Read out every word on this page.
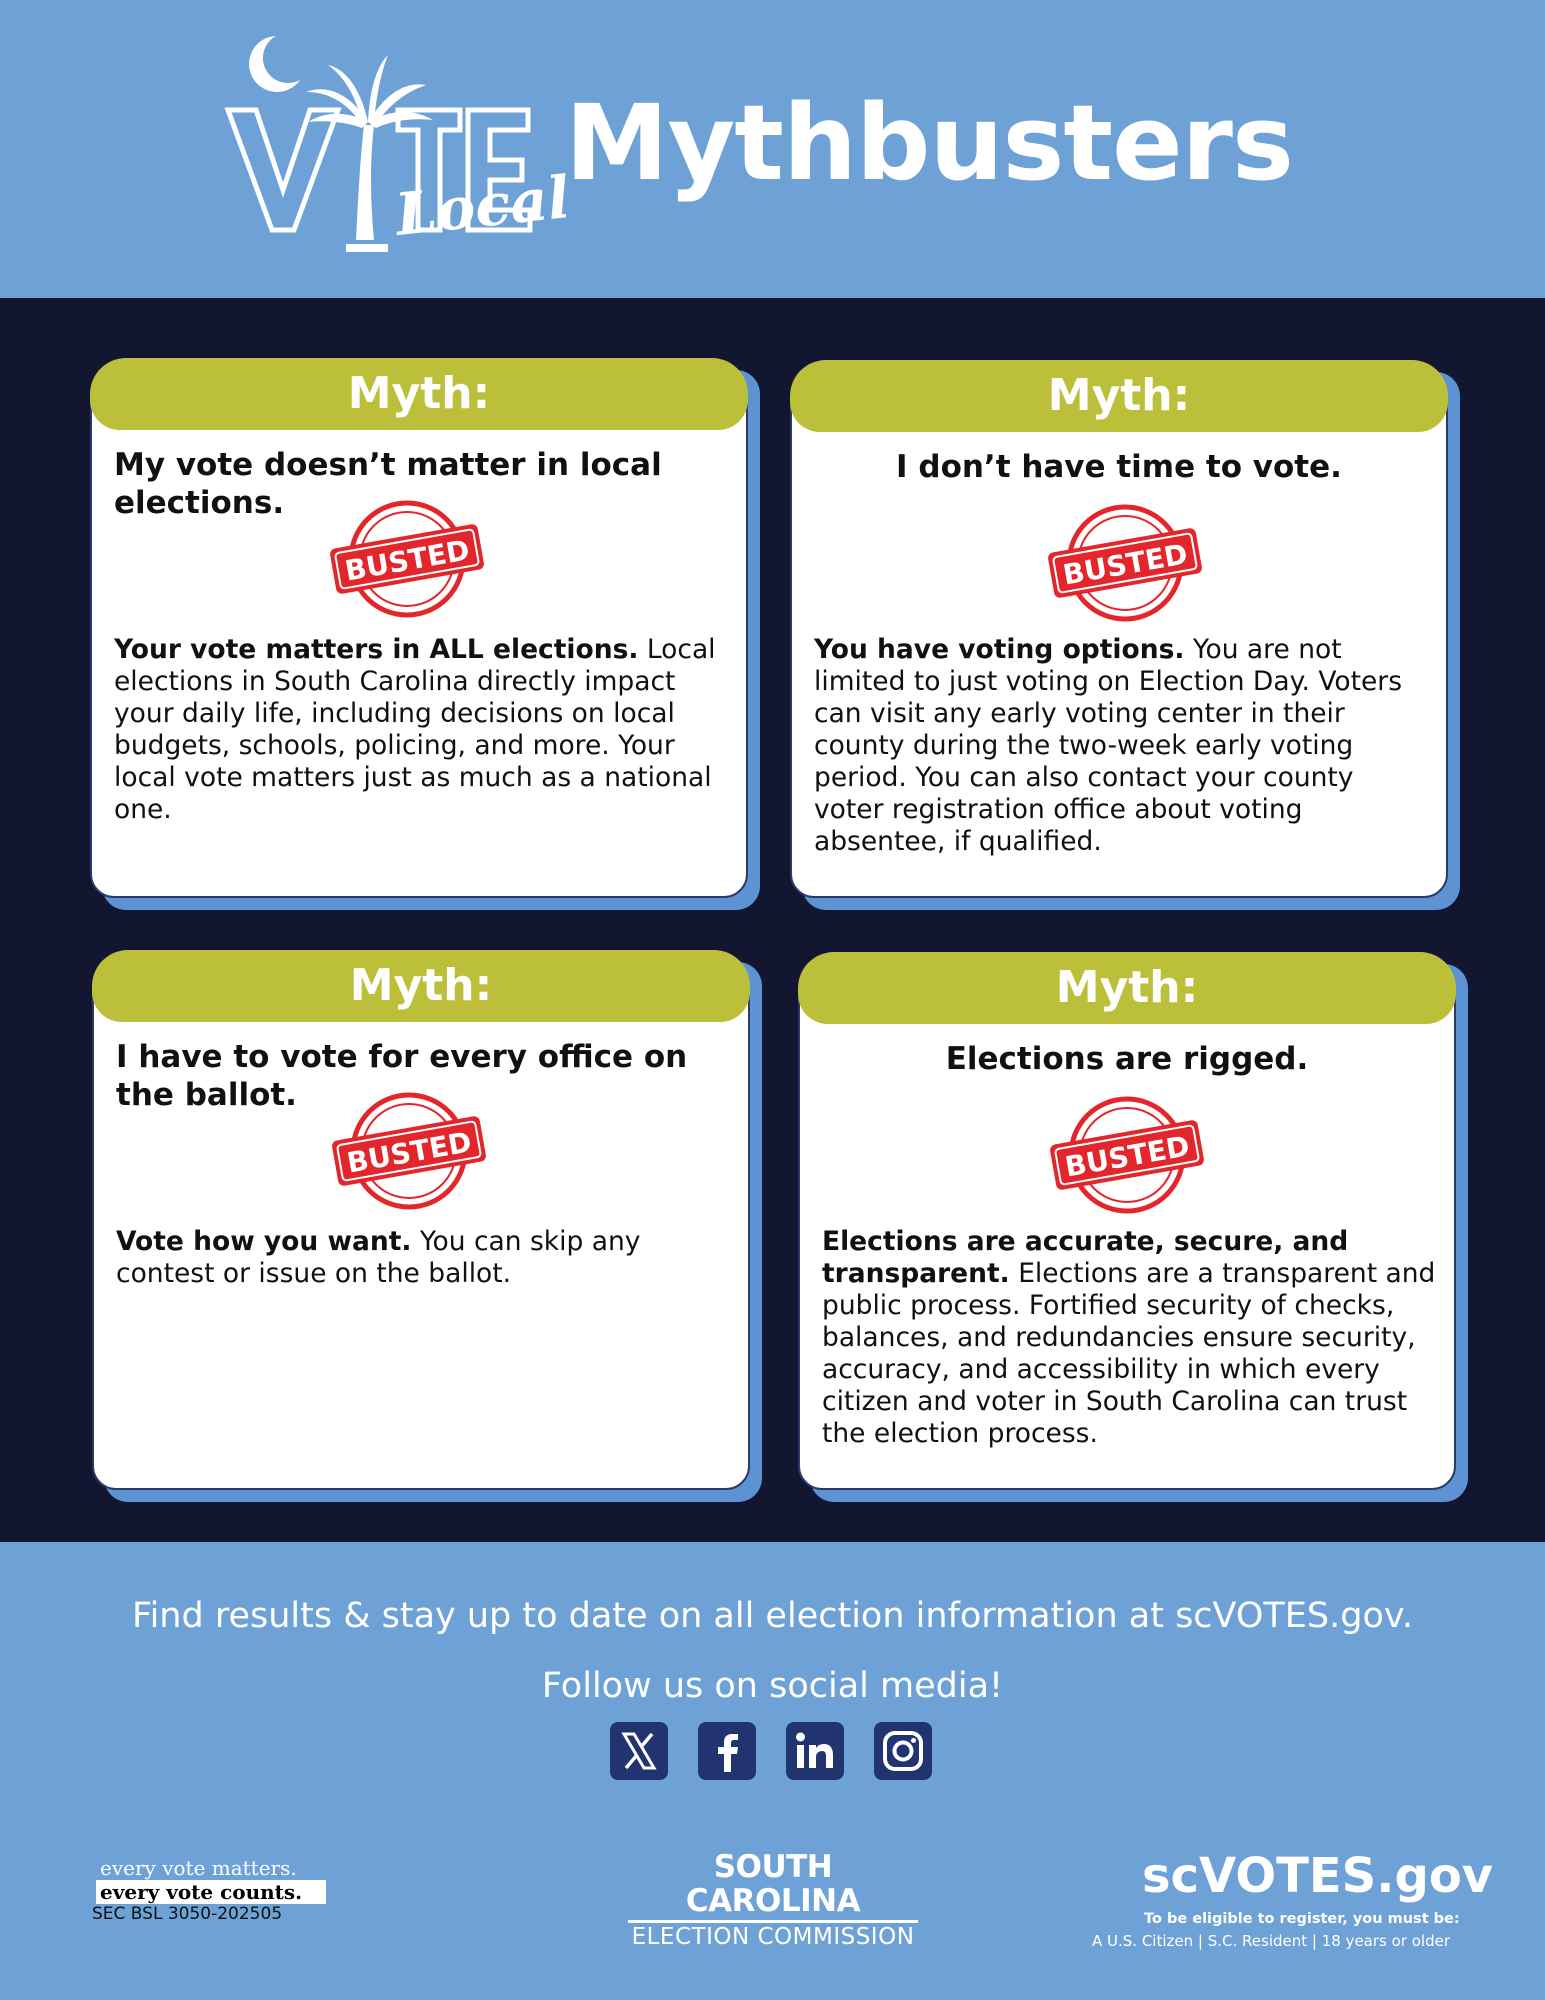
Local
Mythbusters
Myth:
My vote doesn’t matter in local elections.
BUSTED
Your vote matters in ALL elections. Local elections in South Carolina directly impact your daily life, including decisions on local budgets, schools, policing, and more. Your local vote matters just as much as a national one.
Myth:
I don’t have time to vote.
BUSTED
You have voting options. You are not limited to just voting on Election Day. Voters can visit any early voting center in their county during the two-week early voting period. You can also contact your county voter registration office about voting absentee, if qualified.
Myth:
I have to vote for every office on the ballot.
BUSTED
Vote how you want. You can skip any contest or issue on the ballot.
Myth:
Elections are rigged.
BUSTED
Elections are accurate, secure, and transparent. Elections are a transparent and public process. Fortified security of checks, balances, and redundancies ensure security, accuracy, and accessibility in which every citizen and voter in South Carolina can trust the election process.
Find results & stay up to date on all election information at scVOTES.gov.
Follow us on social media!
every vote matters.
every vote counts.
SEC BSL 3050-202505
SOUTH CAROLINA
ELECTION COMMISSION
scVOTES.gov
To be eligible to register, you must be:
A U.S. Citizen | S.C. Resident | 18 years or older
